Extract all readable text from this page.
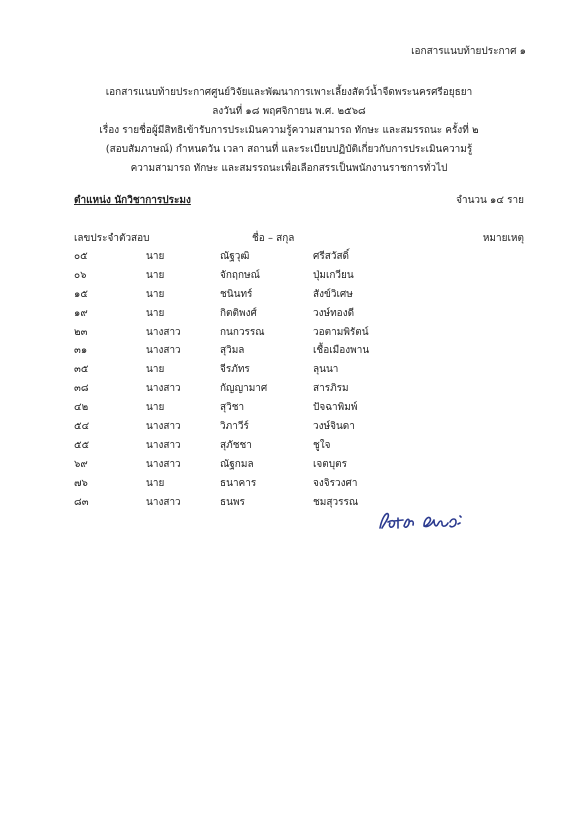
เอกสารแนบท้ายประกาศ ๑
เอกสารแนบท้ายประกาศศูนย์วิจัยและพัฒนาการเพาะเลี้ยงสัตว์น้ำจืดพระนครศรีอยุธยา
ลงวันที่ ๑๘ พฤศจิกายน พ.ศ. ๒๕๖๘
เรื่อง รายชื่อผู้มีสิทธิเข้ารับการประเมินความรู้ความสามารถ ทักษะ และสมรรถนะ ครั้งที่ ๒
(สอบสัมภาษณ์) กำหนดวัน เวลา สถานที่ และระเบียบปฏิบัติเกี่ยวกับการประเมินความรู้
ความสามารถ ทักษะ และสมรรถนะเพื่อเลือกสรรเป็นพนักงานราชการทั่วไป
ตำแหน่ง นักวิชาการประมง	จำนวน ๑๔ ราย
เลขประจำตัวสอบ	ชื่อ – สกุล	หมายเหตุ
๐๕	นาย	ณัฐวุฒิ	ศรีสวัสดิ์
๐๖	นาย	จักฤกษณ์	ปุ่มเกวียน
๑๕	นาย	ชนินทร์	สังข์วิเศษ
๑๙	นาย	กิตติพงศ์	วงษ์ทองดี
๒๓	นางสาว	กนกวรรณ	วอตามพิรัตน์
๓๑	นางสาว	สุวิมล	เชื้อเมืองพาน
๓๕	นาย	จีรภัทร	ลุนนา
๓๘	นางสาว	กัญญามาศ	สารภิรม
๔๒	นาย	สุวิชา	ปัจฉาพิมพ์
๕๔	นางสาว	วิภาวีร์	วงษ์จินดา
๕๕	นางสาว	สุภัชชา	ชูใจ
๖๙	นางสาว	ณัฐกมล	เจตบุตร
๗๖	นาย	ธนาคาร	จงจิรวงศา
๘๓	นางสาว	ธนพร	ชมสุวรรณ
